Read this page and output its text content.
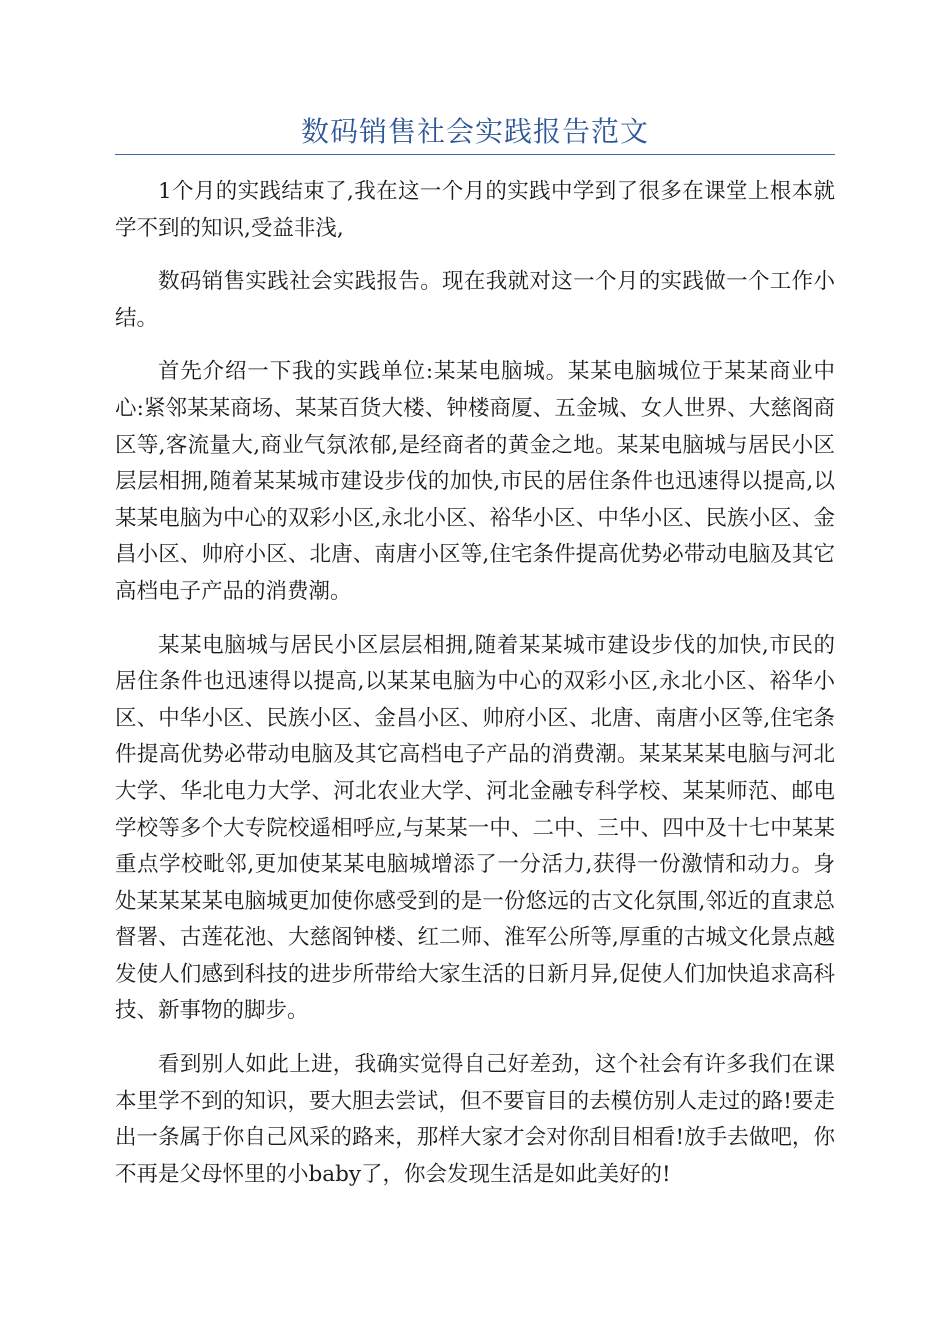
数码销售社会实践报告范文

1个月的实践结束了,我在这一个月的实践中学到了很多在课堂上根本就学不到的知识,受益非浅,

数码销售实践社会实践报告。现在我就对这一个月的实践做一个工作小结。

首先介绍一下我的实践单位:某某电脑城。某某电脑城位于某某商业中心:紧邻某某商场、某某百货大楼、钟楼商厦、五金城、女人世界、大慈阁商区等,客流量大,商业气氛浓郁,是经商者的黄金之地。某某电脑城与居民小区层层相拥,随着某某城市建设步伐的加快,市民的居住条件也迅速得以提高,以某某电脑为中心的双彩小区,永北小区、裕华小区、中华小区、民族小区、金昌小区、帅府小区、北唐、南唐小区等,住宅条件提高优势必带动电脑及其它高档电子产品的消费潮。

某某电脑城与居民小区层层相拥,随着某某城市建设步伐的加快,市民的居住条件也迅速得以提高,以某某电脑为中心的双彩小区,永北小区、裕华小区、中华小区、民族小区、金昌小区、帅府小区、北唐、南唐小区等,住宅条件提高优势必带动电脑及其它高档电子产品的消费潮。某某某某电脑与河北大学、华北电力大学、河北农业大学、河北金融专科学校、某某师范、邮电学校等多个大专院校遥相呼应,与某某一中、二中、三中、四中及十七中某某重点学校毗邻,更加使某某电脑城增添了一分活力,获得一份激情和动力。身处某某某某电脑城更加使你感受到的是一份悠远的古文化氛围,邻近的直隶总督署、古莲花池、大慈阁钟楼、红二师、淮军公所等,厚重的古城文化景点越发使人们感到科技的进步所带给大家生活的日新月异,促使人们加快追求高科技、新事物的脚步。

看到别人如此上进，我确实觉得自己好差劲，这个社会有许多我们在课本里学不到的知识，要大胆去尝试，但不要盲目的去模仿别人走过的路!要走出一条属于你自己风采的路来，那样大家才会对你刮目相看!放手去做吧，你不再是父母怀里的小baby了，你会发现生活是如此美好的!
